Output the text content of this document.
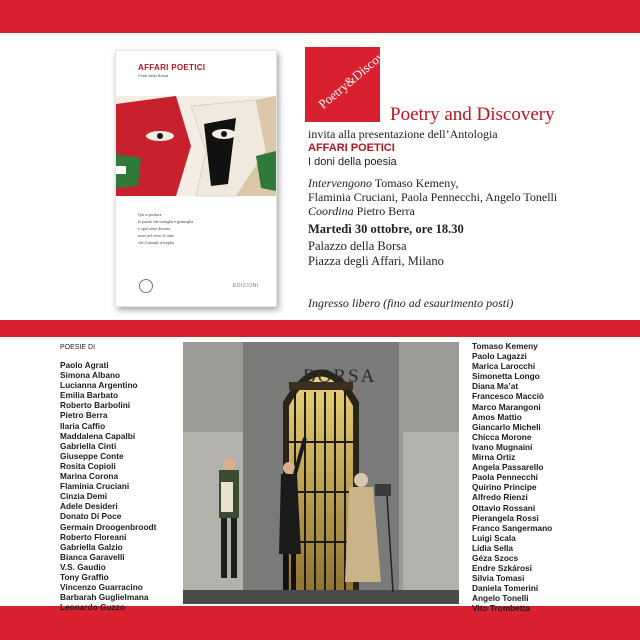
AFFARI POETICI
Poeti della Borsa
Qui si produce
la parola che somiglia e germoglia
e ogni seme diventa
mare nel verso di tutte
che il mondo risveglia
EDIZIONI
Poetry&Discovery
Poetry and Discovery
invita alla presentazione dell’Antologia
AFFARI POETICI
I doni della poesia
Intervengono Tomaso Kemeny,
Flaminia Cruciani, Paola Pennecchi, Angelo Tonelli
Coordina Pietro Berra
Martedì 30 ottobre, ore 18.30
Palazzo della Borsa
Piazza degli Affari, Milano
Ingresso libero (fino ad esaurimento posti)
POESIE DI
Paolo Agrati
Simona Albano
Lucianna Argentino
Emilia Barbato
Roberto Barbolini
Pietro Berra
Ilaria Caffio
Maddalena Capalbi
Gabriella Cinti
Giuseppe Conte
Rosita Copioli
Marina Corona
Flaminia Cruciani
Cinzia Demi
Adele Desideri
Donato Di Poce
Germain Droogenbroodt
Roberto Floreani
Gabriella Galzio
Bianca Garavelli
V.S. Gaudio
Tony Graffio
Vincenzo Guarracino
Barbarah Guglielmana
Leonardo Guzzo
Tomaso Kemeny
Paolo Lagazzi
Marica Larocchi
Simonetta Longo
Diana Ma’at
Francesco Macciò
Marco Marangoni
Amos Mattio
Giancarlo Micheli
Chicca Morone
Ivano Mugnaini
Mirna Ortiz
Angela Passarello
Paola Pennecchi
Quirino Principe
Alfredo Rienzi
Ottavio Rossani
Pierangela Rossi
Franco Sangermano
Luigi Scala
Lidia Sella
Géza Szocs
Endre Szkárosi
Silvia Tomasi
Daniela Tomerini
Angelo Tonelli
Vito Trombetta
BORSA
